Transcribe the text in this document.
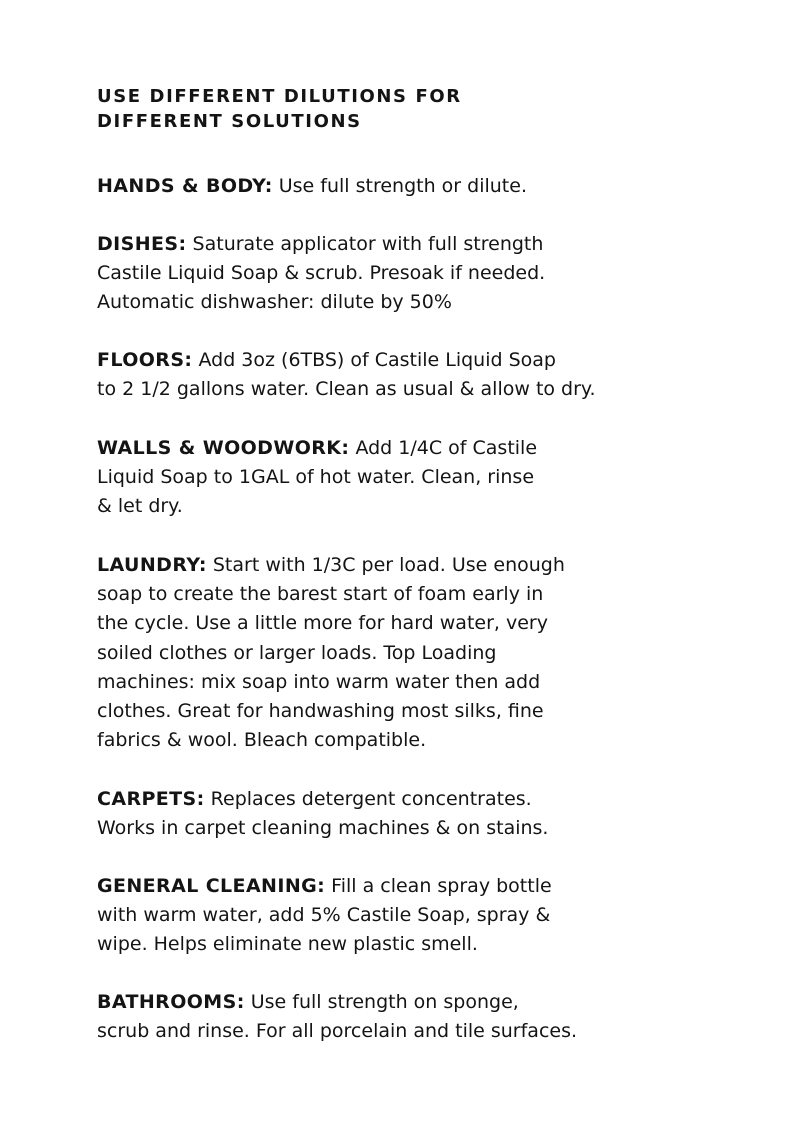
USE DIFFERENT DILUTIONS FOR
DIFFERENT SOLUTIONS

HANDS & BODY: Use full strength or dilute.

DISHES: Saturate applicator with full strength
Castile Liquid Soap & scrub. Presoak if needed.
Automatic dishwasher: dilute by 50%

FLOORS: Add 3oz (6TBS) of Castile Liquid Soap
to 2 1/2 gallons water. Clean as usual & allow to dry.

WALLS & WOODWORK: Add 1/4C of Castile
Liquid Soap to 1GAL of hot water. Clean, rinse
& let dry.

LAUNDRY: Start with 1/3C per load. Use enough
soap to create the barest start of foam early in
the cycle. Use a little more for hard water, very
soiled clothes or larger loads. Top Loading
machines: mix soap into warm water then add
clothes. Great for handwashing most silks, fine
fabrics & wool. Bleach compatible.

CARPETS: Replaces detergent concentrates.
Works in carpet cleaning machines & on stains.

GENERAL CLEANING: Fill a clean spray bottle
with warm water, add 5% Castile Soap, spray &
wipe. Helps eliminate new plastic smell.

BATHROOMS: Use full strength on sponge,
scrub and rinse. For all porcelain and tile surfaces.
